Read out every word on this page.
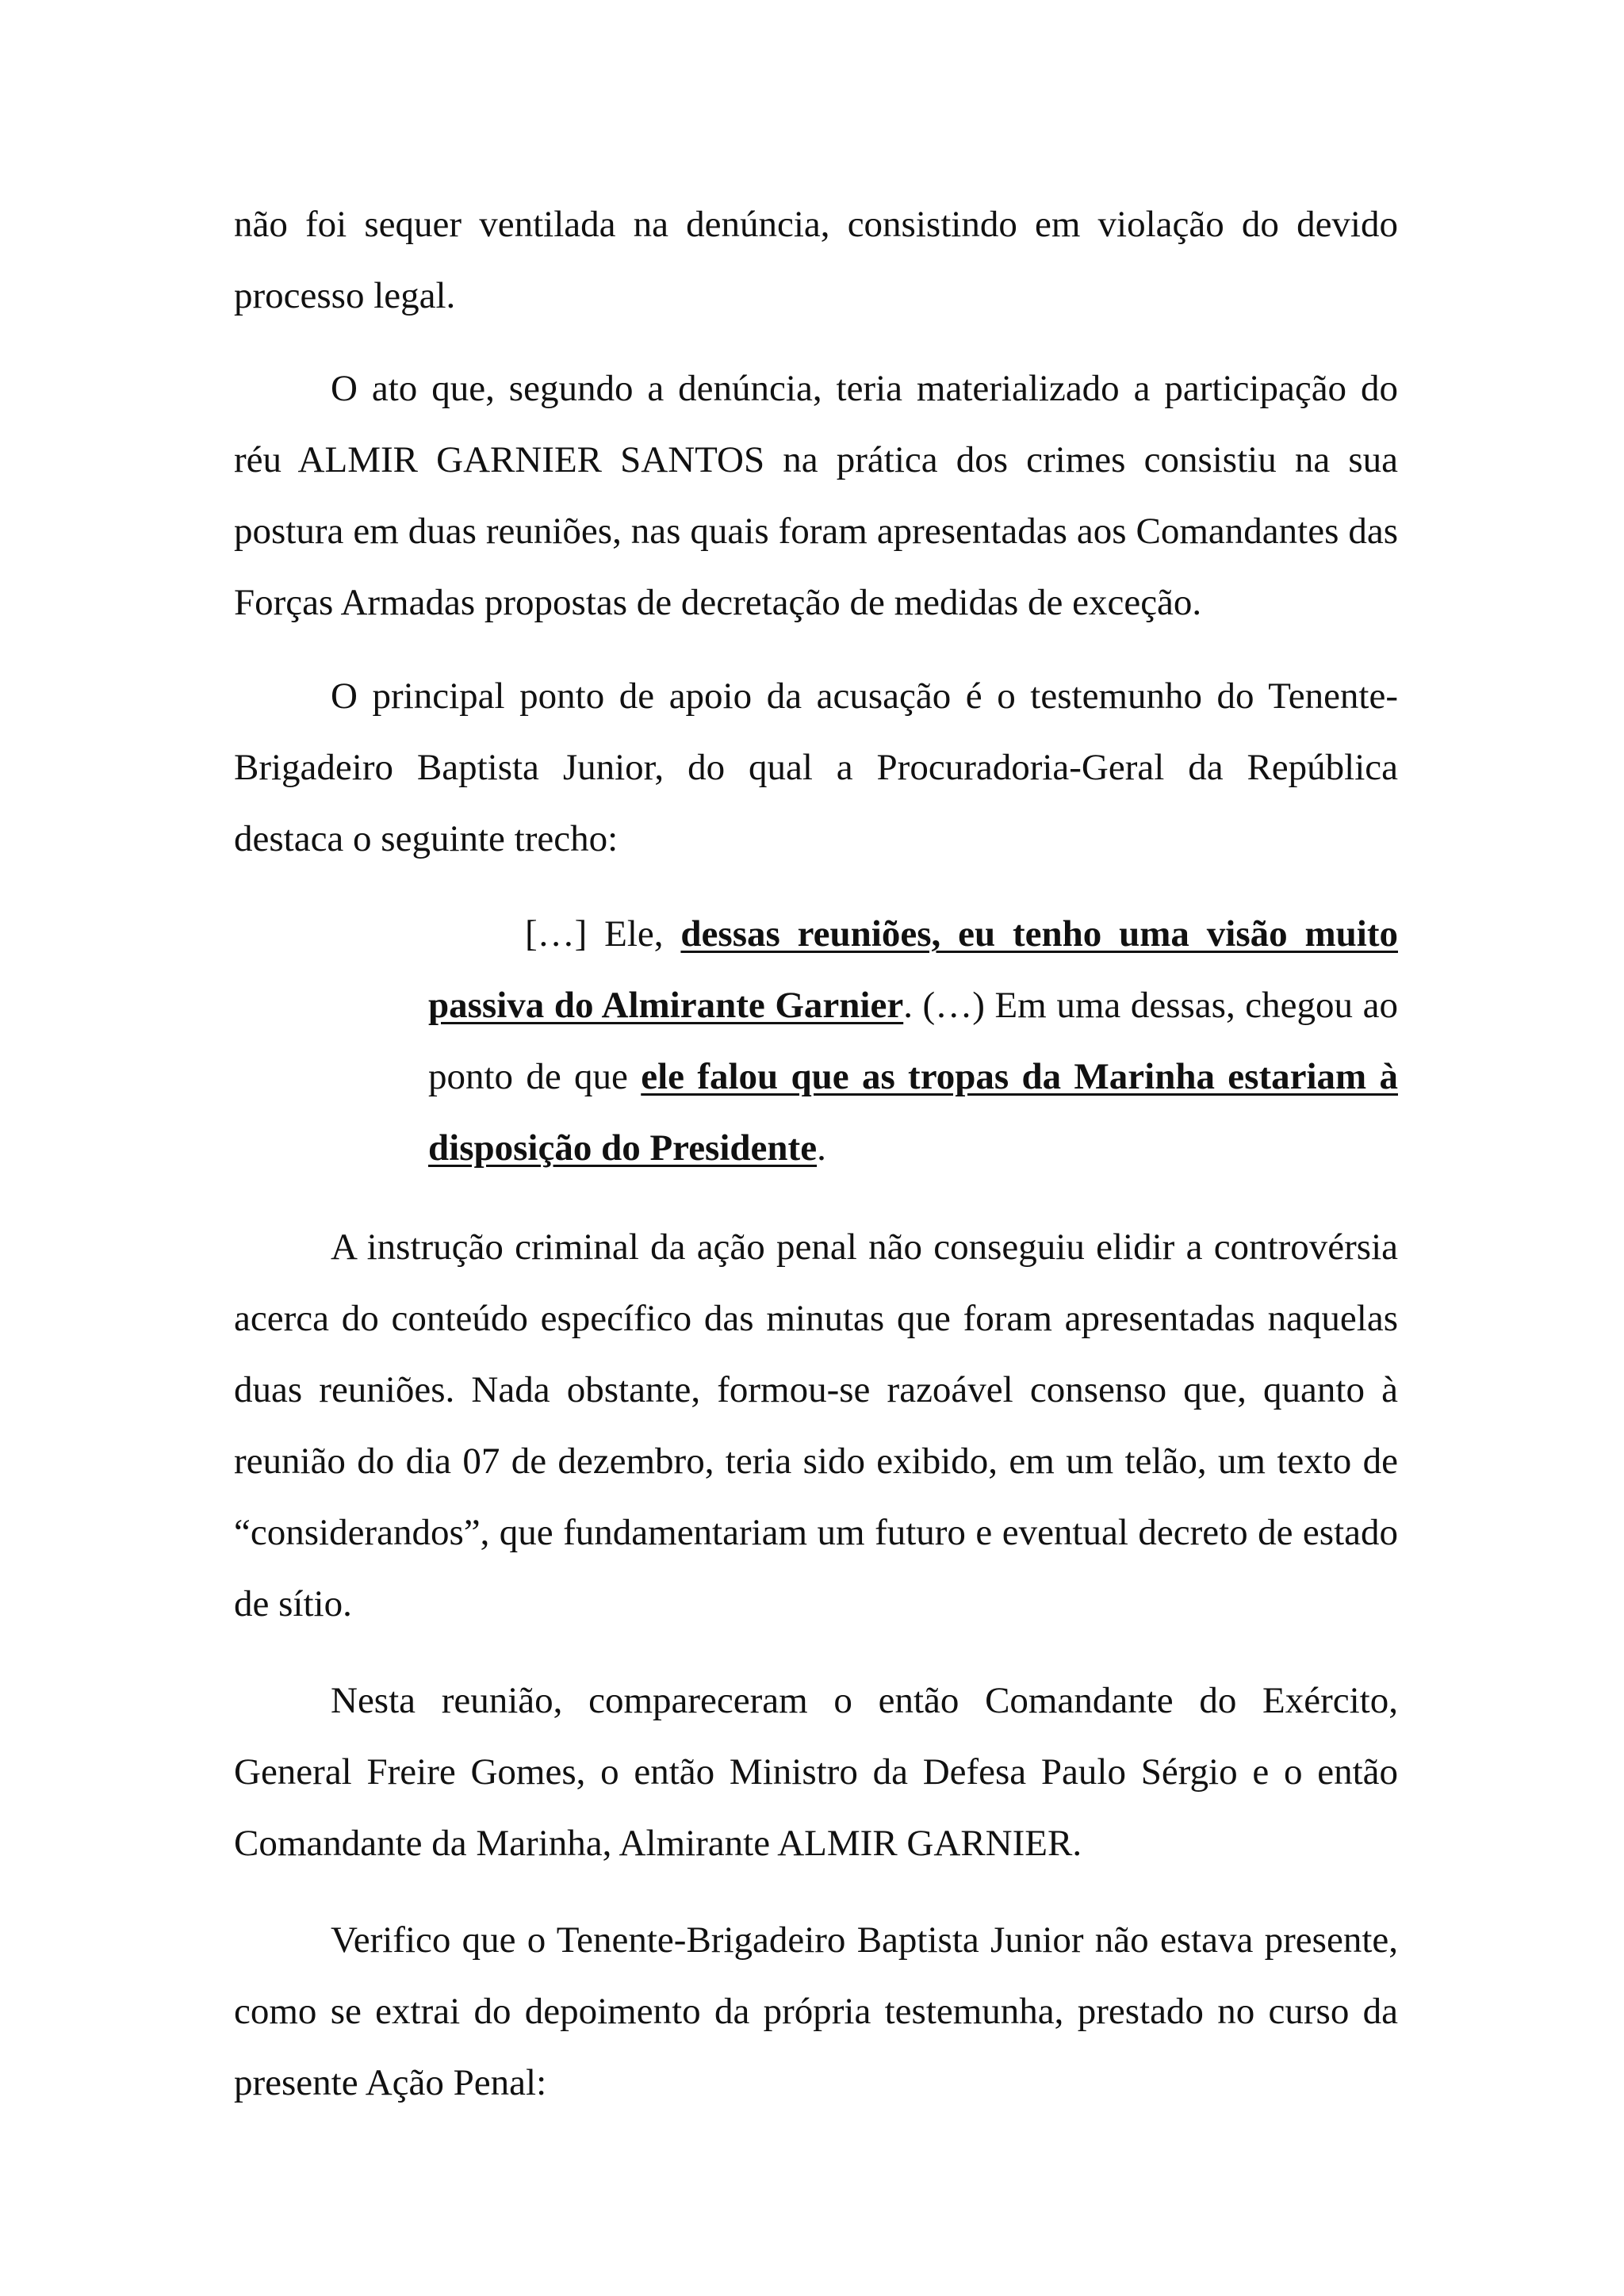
não foi sequer ventilada na denúncia, consistindo em violação do devido processo legal.

O ato que, segundo a denúncia, teria materializado a participação do réu ALMIR GARNIER SANTOS na prática dos crimes consistiu na sua postura em duas reuniões, nas quais foram apresentadas aos Comandantes das Forças Armadas propostas de decretação de medidas de exceção.

O principal ponto de apoio da acusação é o testemunho do Tenente-Brigadeiro Baptista Junior, do qual a Procuradoria-Geral da República destaca o seguinte trecho:

[…] Ele, dessas reuniões, eu tenho uma visão muito passiva do Almirante Garnier. (…) Em uma dessas, chegou ao ponto de que ele falou que as tropas da Marinha estariam à disposição do Presidente.

A instrução criminal da ação penal não conseguiu elidir a controvérsia acerca do conteúdo específico das minutas que foram apresentadas naquelas duas reuniões. Nada obstante, formou-se razoável consenso que, quanto à reunião do dia 07 de dezembro, teria sido exibido, em um telão, um texto de “considerandos”, que fundamentariam um futuro e eventual decreto de estado de sítio.

Nesta reunião, compareceram o então Comandante do Exército, General Freire Gomes, o então Ministro da Defesa Paulo Sérgio e o então Comandante da Marinha, Almirante ALMIR GARNIER.

Verifico que o Tenente-Brigadeiro Baptista Junior não estava presente, como se extrai do depoimento da própria testemunha, prestado no curso da presente Ação Penal:
